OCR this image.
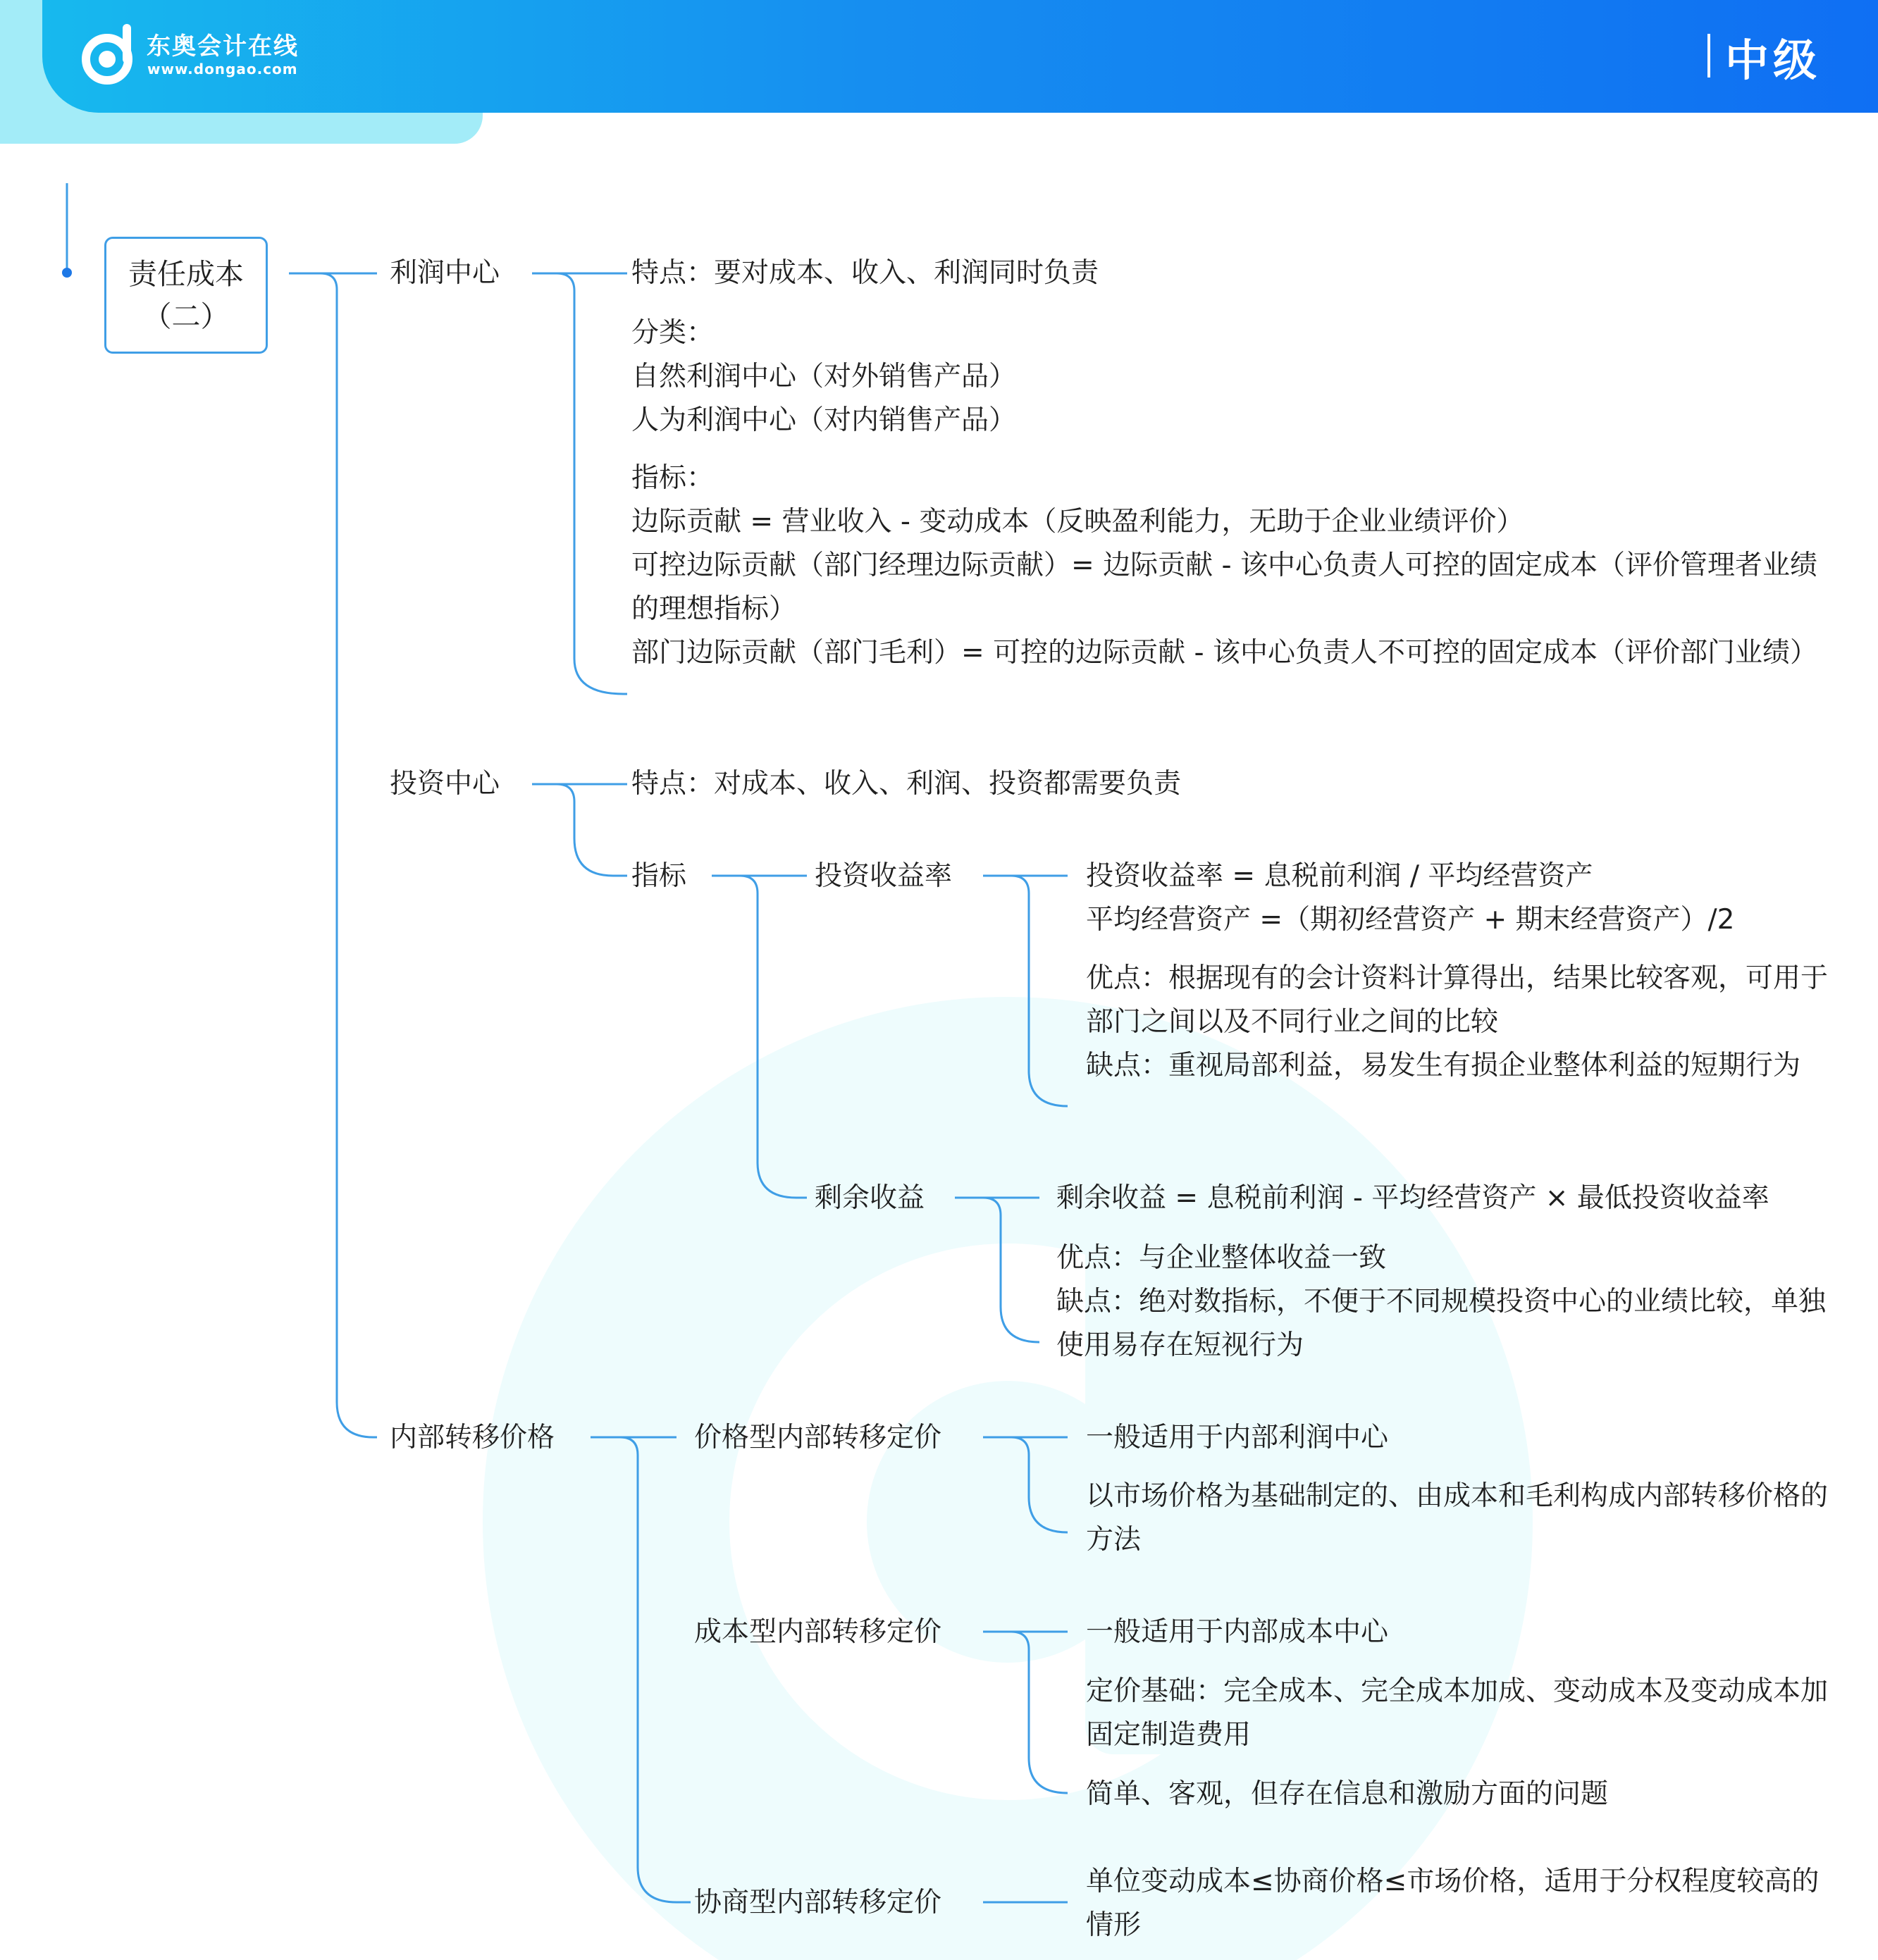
东奥会计在线
www.dongao.com	中级
责任成本
（二）
利润中心
投资中心
内部转移价格
特点：要对成本、收入、利润同时负责
分类：
自然利润中心（对外销售产品）
人为利润中心（对内销售产品）
指标：
边际贡献 = 营业收入 - 变动成本（反映盈利能力，无助于企业业绩评价）
可控边际贡献（部门经理边际贡献）= 边际贡献 - 该中心负责人可控的固定成本（评价管理者业绩的理想指标）
部门边际贡献（部门毛利）= 可控的边际贡献 - 该中心负责人不可控的固定成本（评价部门业绩）
特点：对成本、收入、利润、投资都需要负责
指标	投资收益率	投资收益率 = 息税前利润 / 平均经营资产
平均经营资产 =（期初经营资产 + 期末经营资产）/2
优点：根据现有的会计资料计算得出，结果比较客观，可用于部门之间以及不同行业之间的比较
缺点：重视局部利益，易发生有损企业整体利益的短期行为
剩余收益	剩余收益 = 息税前利润 - 平均经营资产 × 最低投资收益率
优点：与企业整体收益一致
缺点：绝对数指标，不便于不同规模投资中心的业绩比较，单独使用易存在短视行为
价格型内部转移定价	一般适用于内部利润中心
以市场价格为基础制定的、由成本和毛利构成内部转移价格的方法
成本型内部转移定价	一般适用于内部成本中心
定价基础：完全成本、完全成本加成、变动成本及变动成本加固定制造费用
简单、客观，但存在信息和激励方面的问题
协商型内部转移定价
单位变动成本≤协商价格≤市场价格，适用于分权程度较高的情形
